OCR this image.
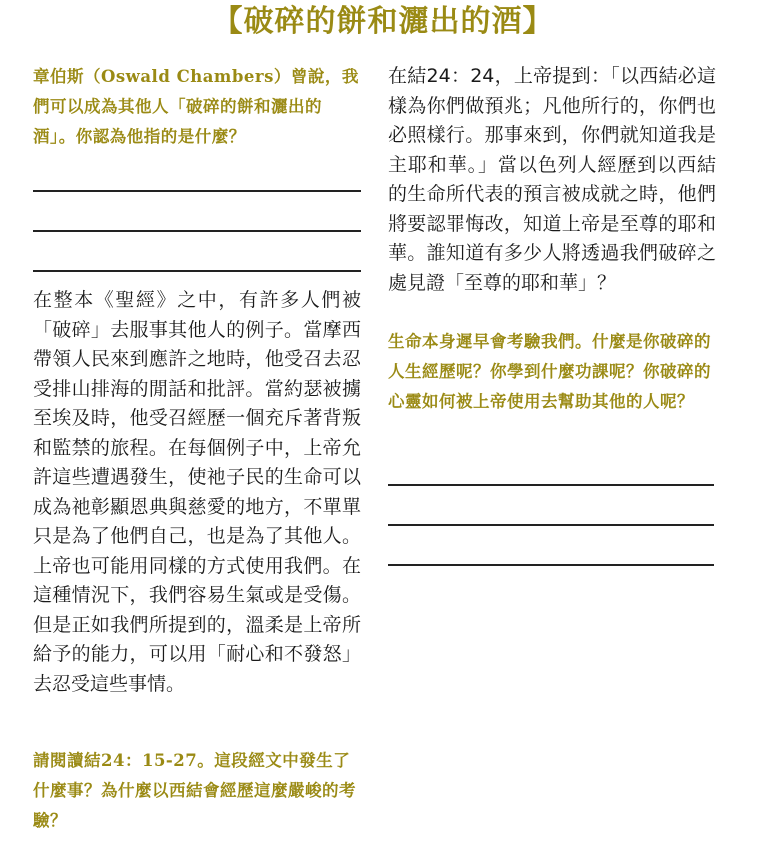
【破碎的餅和灑出的酒】

章伯斯（Oswald Chambers）曾說，我們可以成為其他人「破碎的餅和灑出的酒」。你認為他指的是什麼？

在整本《聖經》之中，有許多人們被「破碎」去服事其他人的例子。當摩西帶領人民來到應許之地時，他受召去忍受排山排海的閒話和批評。當約瑟被擄至埃及時，他受召經歷一個充斥著背叛和監禁的旅程。在每個例子中，上帝允許這些遭遇發生，使祂子民的生命可以成為祂彰顯恩典與慈愛的地方，不單單只是為了他們自己，也是為了其他人。上帝也可能用同樣的方式使用我們。在這種情況下，我們容易生氣或是受傷。但是正如我們所提到的，溫柔是上帝所給予的能力，可以用「耐心和不發怒」去忍受這些事情。

請閱讀結24：15-27。這段經文中發生了什麼事？為什麼以西結會經歷這麼嚴峻的考驗？

在結24：24，上帝提到：「以西結必這樣為你們做預兆；凡他所行的，你們也必照樣行。那事來到，你們就知道我是主耶和華。」當以色列人經歷到以西結的生命所代表的預言被成就之時，他們將要認罪悔改，知道上帝是至尊的耶和華。誰知道有多少人將透過我們破碎之處見證「至尊的耶和華」？

生命本身遲早會考驗我們。什麼是你破碎的人生經歷呢？你學到什麼功課呢？你破碎的心靈如何被上帝使用去幫助其他的人呢？
